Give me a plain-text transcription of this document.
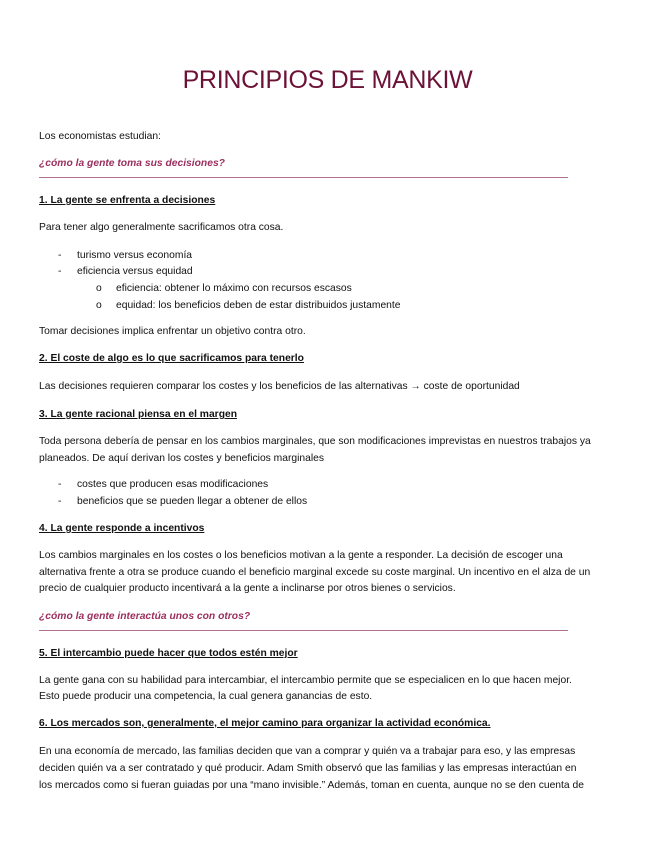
PRINCIPIOS DE MANKIW
Los economistas estudian:
¿cómo la gente toma sus decisiones?
1. La gente se enfrenta a decisiones
Para tener algo generalmente sacrificamos otra cosa.
- turismo versus economía
- eficiencia versus equidad
o eficiencia: obtener lo máximo con recursos escasos
o equidad: los beneficios deben de estar distribuidos justamente
Tomar decisiones implica enfrentar un objetivo contra otro.
2. El coste de algo es lo que sacrificamos para tenerlo
Las decisiones requieren comparar los costes y los beneficios de las alternativas → coste de oportunidad
3. La gente racional piensa en el margen
Toda persona debería de pensar en los cambios marginales, que son modificaciones imprevistas en nuestros trabajos ya
planeados. De aquí derivan los costes y beneficios marginales
- costes que producen esas modificaciones
- beneficios que se pueden llegar a obtener de ellos
4. La gente responde a incentivos
Los cambios marginales en los costes o los beneficios motivan a la gente a responder. La decisión de escoger una
alternativa frente a otra se produce cuando el beneficio marginal excede su coste marginal. Un incentivo en el alza de un
precio de cualquier producto incentivará a la gente a inclinarse por otros bienes o servicios.
¿cómo la gente interactúa unos con otros?
5. El intercambio puede hacer que todos estén mejor
La gente gana con su habilidad para intercambiar, el intercambio permite que se especialicen en lo que hacen mejor.
Esto puede producir una competencia, la cual genera ganancias de esto.
6. Los mercados son, generalmente, el mejor camino para organizar la actividad económica.
En una economía de mercado, las familias deciden que van a comprar y quién va a trabajar para eso, y las empresas
deciden quién va a ser contratado y qué producir. Adam Smith observó que las familias y las empresas interactúan en
los mercados como si fueran guiadas por una “mano invisible.” Además, toman en cuenta, aunque no se den cuenta de
